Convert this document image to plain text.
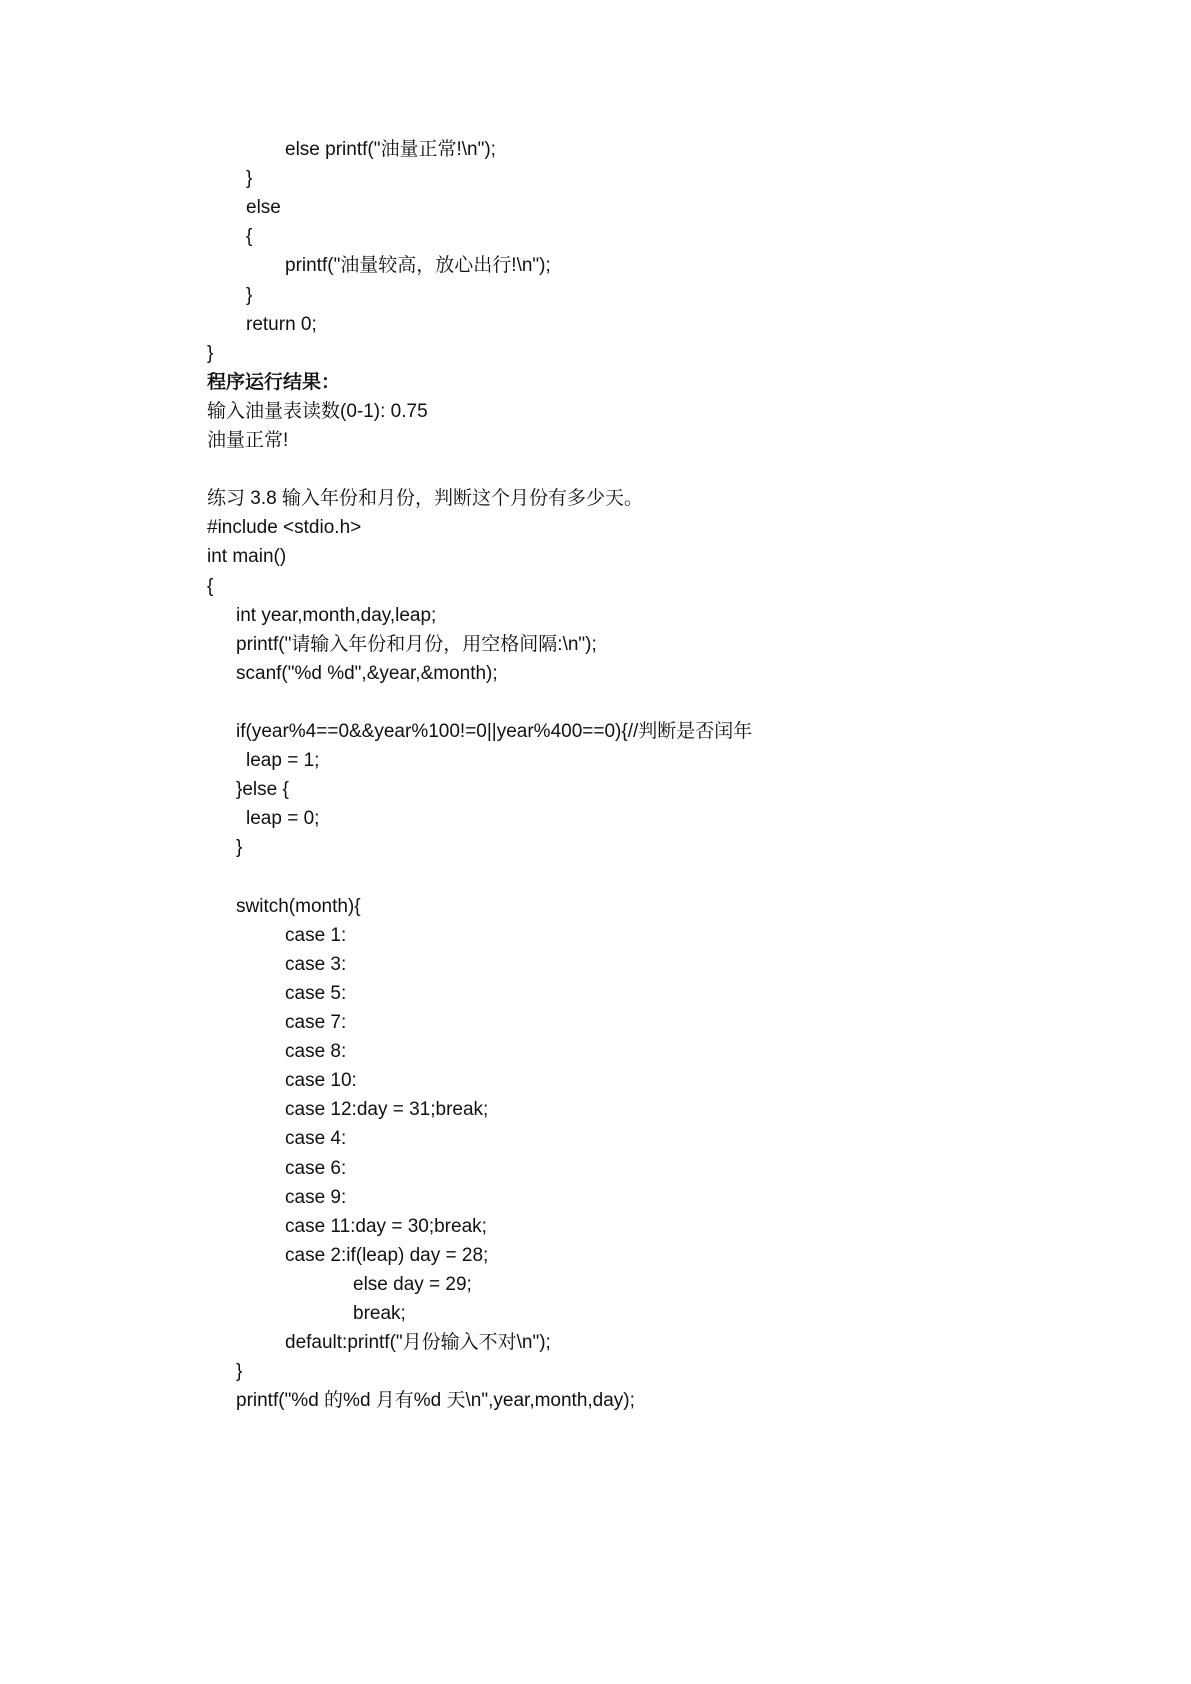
else printf("油量正常!\n");
}
else
{
printf("油量较高，放心出行!\n");
}
return 0;
}
程序运行结果：
输入油量表读数(0-1): 0.75
油量正常!
练习 3.8 输入年份和月份，判断这个月份有多少天。
#include <stdio.h>
int main()
{
int year,month,day,leap;
printf("请输入年份和月份，用空格间隔:\n");
scanf("%d %d",&year,&month);
if(year%4==0&&year%100!=0||year%400==0){//判断是否闰年
leap = 1;
}else {
leap = 0;
}
switch(month){
case 1:
case 3:
case 5:
case 7:
case 8:
case 10:
case 12:day = 31;break;
case 4:
case 6:
case 9:
case 11:day = 30;break;
case 2:if(leap) day = 28;
else day = 29;
break;
default:printf("月份输入不对\n");
}
printf("%d 的%d 月有%d 天\n",year,month,day);
